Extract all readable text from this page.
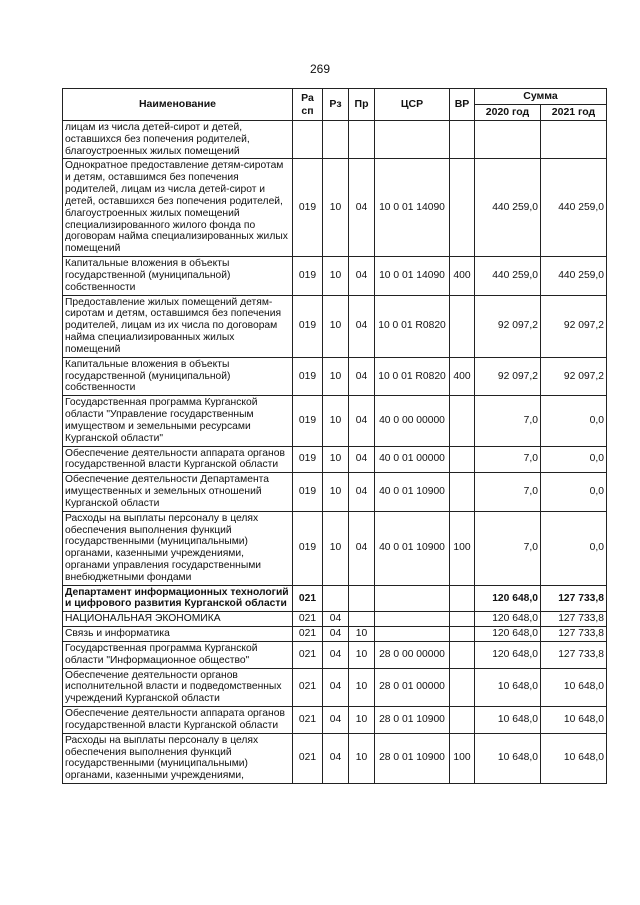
269
Наименование	Ра сп	Рз	Пр	ЦСР	ВР	Сумма	
						2020 год	2021 год
лицам из числа детей-сирот и детей, оставшихся без попечения родителей, благоустроенных жилых помещений							
Однократное предоставление детям-сиротам и детям, оставшимся без попечения родителей, лицам из числа детей-сирот и детей, оставшихся без попечения родителей, благоустроенных жилых помещений специализированного жилого фонда по договорам найма специализированных жилых помещений	019	10	04	10 0 01 14090		440 259,0	440 259,0
Капитальные вложения в объекты государственной (муниципальной) собственности	019	10	04	10 0 01 14090	400	440 259,0	440 259,0
Предоставление жилых помещений детям-сиротам и детям, оставшимся без попечения родителей, лицам из их числа по договорам найма специализированных жилых помещений	019	10	04	10 0 01 R0820		92 097,2	92 097,2
Капитальные вложения в объекты государственной (муниципальной) собственности	019	10	04	10 0 01 R0820	400	92 097,2	92 097,2
Государственная программа Курганской области "Управление государственным имуществом и земельными ресурсами Курганской области"	019	10	04	40 0 00 00000		7,0	0,0
Обеспечение деятельности аппарата органов государственной власти Курганской области	019	10	04	40 0 01 00000		7,0	0,0
Обеспечение деятельности Департамента имущественных и земельных отношений Курганской области	019	10	04	40 0 01 10900		7,0	0,0
Расходы на выплаты персоналу в целях обеспечения выполнения функций государственными (муниципальными) органами, казенными учреждениями, органами управления государственными внебюджетными фондами	019	10	04	40 0 01 10900	100	7,0	0,0
Департамент информационных технологий и цифрового развития Курганской области	021					120 648,0	127 733,8
НАЦИОНАЛЬНАЯ ЭКОНОМИКА	021	04				120 648,0	127 733,8
Связь и информатика	021	04	10			120 648,0	127 733,8
Государственная программа Курганской области "Информационное общество"	021	04	10	28 0 00 00000		120 648,0	127 733,8
Обеспечение деятельности органов исполнительной власти и подведомственных учреждений Курганской области	021	04	10	28 0 01 00000		10 648,0	10 648,0
Обеспечение деятельности аппарата органов государственной власти Курганской области	021	04	10	28 0 01 10900		10 648,0	10 648,0
Расходы на выплаты персоналу в целях обеспечения выполнения функций государственными (муниципальными) органами, казенными учреждениями,	021	04	10	28 0 01 10900	100	10 648,0	10 648,0
